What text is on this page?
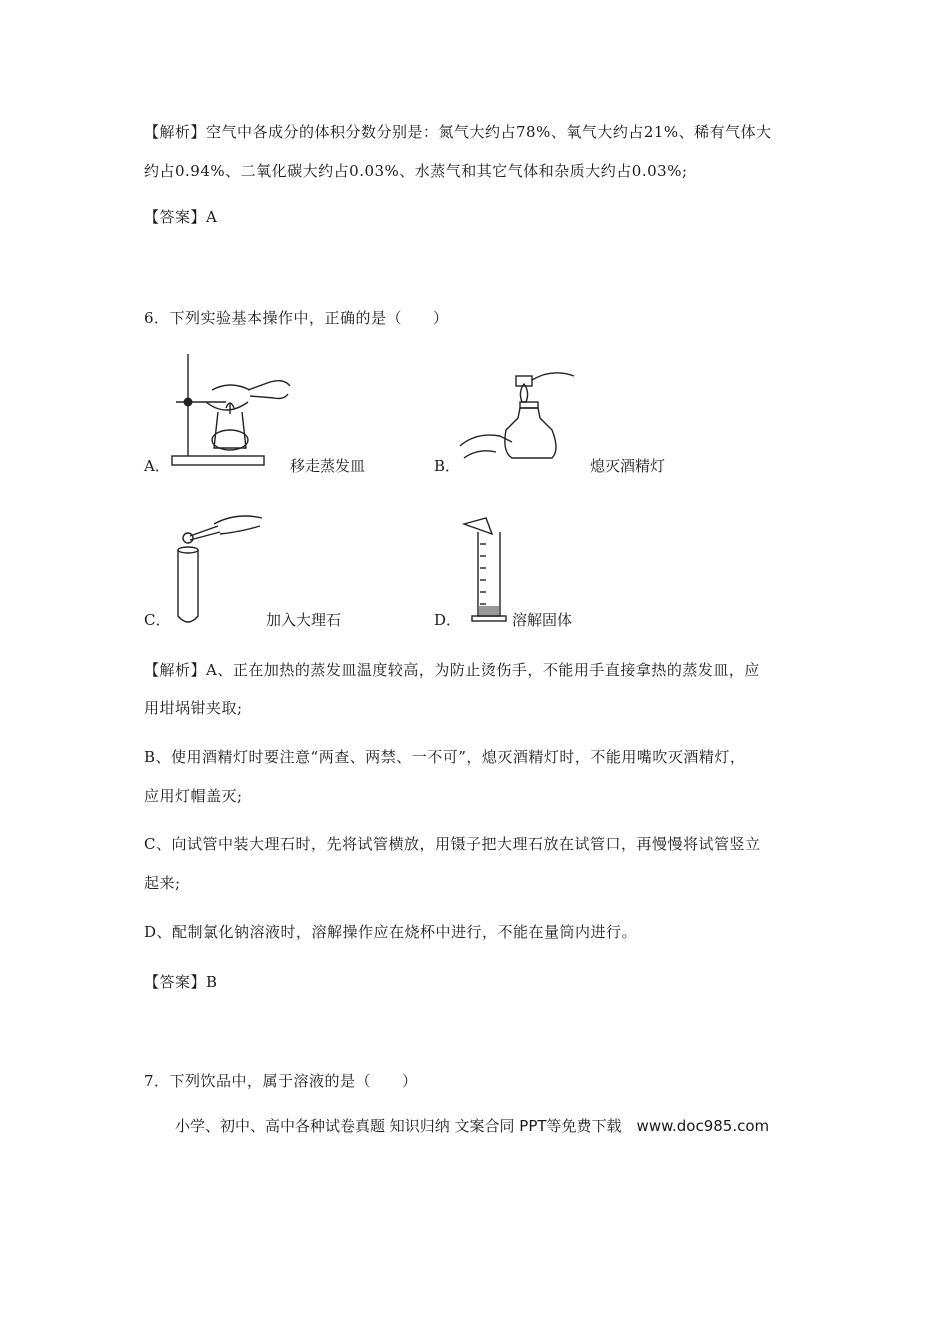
【解析】空气中各成分的体积分数分别是：氮气大约占78%、氧气大约占21%、稀有气体大
约占0.94%、二氧化碳大约占0.03%、水蒸气和其它气体和杂质大约占0.03%;
【答案】A
6．下列实验基本操作中，正确的是（　　）
A．	移走蒸发皿	B．	熄灭酒精灯
C．	加入大理石	D．	溶解固体
【解析】A、正在加热的蒸发皿温度较高，为防止烫伤手，不能用手直接拿热的蒸发皿，应
用坩埚钳夹取;
B、使用酒精灯时要注意“两查、两禁、一不可”，熄灭酒精灯时，不能用嘴吹灭酒精灯，
应用灯帽盖灭;
C、向试管中装大理石时，先将试管横放，用镊子把大理石放在试管口，再慢慢将试管竖立
起来;
D、配制氯化钠溶液时，溶解操作应在烧杯中进行，不能在量筒内进行。
【答案】B
7．下列饮品中，属于溶液的是（　　）
小学、初中、高中各种试卷真题 知识归纳 文案合同 PPT等免费下载　www.doc985.com
